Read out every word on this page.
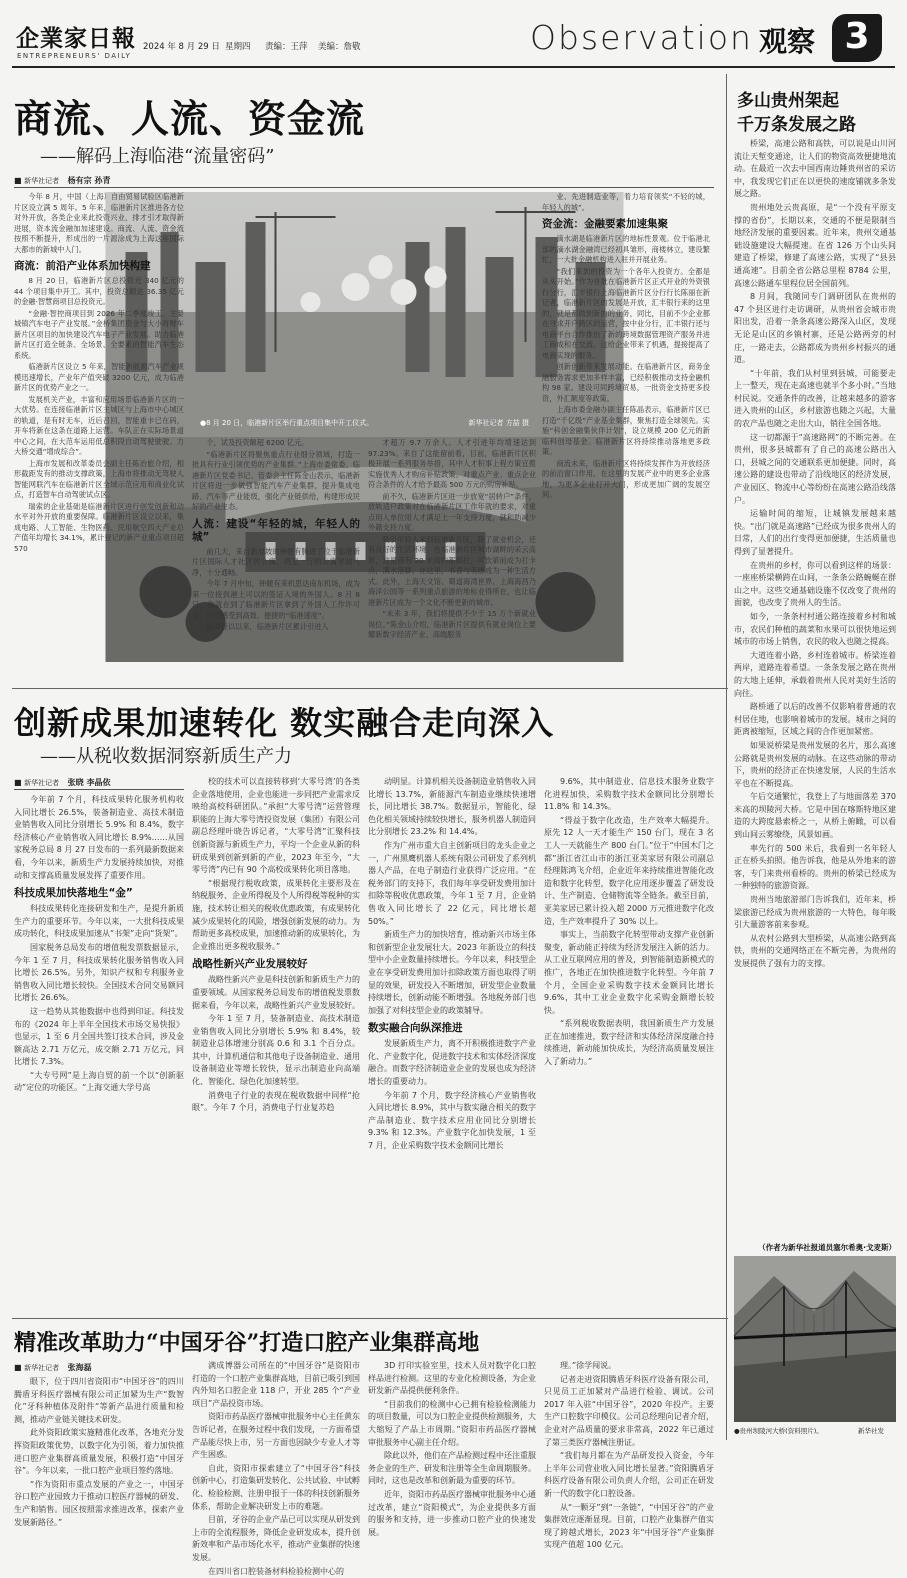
企業家日報
ENTREPRENEURS' DAILY
2024 年 8 月 29 日 星期四 责编：王萍 美编：詹敬	Observation 观察 3
商流、人流、资金流
——解码上海临港“流量密码”
■ 新华社记者 杨有宗 孙青
●8 月 20 日，临港新片区举行重点项目集中开工仪式。	新华社记者 方喆 摄

今年 8 月，中国（上海）自由贸易试验区临港新片区设立满 5 周年。5 年来，临港新片区推进各方位对外开放，各类企业来此投资兴业，排才引才取得新进展，资本流金融加加速建设。商流、人流、资金流按照不断提升，形成出的一片源涂成为上海这座国际大都市的新城中人门。

商流：前沿产业体系加快构建

8 月 20 日，临港新片区总投资近 340 亿元的 44 个项目集中开工。其中，投资总额达 36.35 亿元的金融·智慧商项目总投资元。

“金融·智控商项目到 2026 年二季度竣工，主要城镇汽车电子产业发展。”金桥集团资金与大小将财车新片区项目的加快建设汽车电子产业发展。助力临港新片区打造全链条、全场景、全要素的智能汽车生态系统。

临港新片区设立 5 年来，智能新能源汽车产业规模迅速增长，产业年产值突破 3200 亿元，成为临港新片区的优势产业之一。

发展机关产业，丰富和应用场景临港新片区的一大优势。在连接临港新片区主城区与上海市中心城区的轨道，是有时无车，近后召回，智能重卡已在码，开车将新在这条在道路上运营。车队正在实际场景道中心之间，在大范车运用低总积段自动驾驶驶驶。力大桥交通“增成综合”。

上海市发展和改革委员会副主任陈治旅介绍，相形截距发有的推动支撑政策，上海市将推动无驾驶人智能网联汽车在临港新片区全域示范应用和商业化试点，打造智车自动驾驶试点区。

瑞索的企业基础是临港新片区进行创发创新和动水平对外开放的重要保障。临港新片区设立以来，集成电路、人工智能、生物医药、民用航空四大产业总产值年均增长 34.1%，累计登记的新产业重点项目超 570

业、先进制造业等，着力培育领奖“不轻的城，年轻人的城”。

资金流：金融要素加速集聚

滴水湖是临港新片区的地标性景观。位于临港北部的滴水湖金融湾已经初具雏形，商楼林立，建设繁忙，一大批金融机构进入驻并开展业务。

“我们来到的投资为一个各年入投资方。全都是从头开始。”作为首批在临港新片区正式开业的外资银行分行，汇丰银行上海临港新片区分行行长陈丽在新记者，临港新片区的发展是开放，汇丰银行来的这里的，就是都做到新的的业务，同比，目前不少企业都在寻求开户跨区的运营，按中业分行，汇丰银行还与电商平台合作推出了新的跨境数据管理资产服务并进工商成和在交流，这给企业带来了机遇，提接提高了电商实现的服务。

创新创新带来发展动能。在临港新片区，商务金融服务需求更加多样丰富，已经积极推动支持金融机构 98 家。建设可同跨境贸易，一批资金支持更多投资，外汇额度等政策。

上海市委金融办副主任陈晶表示，临港新片区已打造“千亿级”产业基金集群，聚焦打造全球领先。实施“科创金融集伙伴计划”，设立规模 200 亿元的新临科创母基金。临港新片区将持续推动落地更多政策。

商流未来，临港新片区将持续发挥作为开放经济的前沿窗口作用，在这里的发展产业中的更多企业落地。为更多企业打开大门，形成更加广阔的发展空间。

创新成果加速转化 数实融合走向深入
——从税收数据洞察新质生产力
■ 新华社记者 张晓 李晶依

今年前 7 个月，科技成果转化服务机构收入同比增长 26.5%，装备制造业、高技术制造业销售收入同比分别增长 5.9% 和 8.4%，数字经济核心产业销售收入同比增长 8.9%……从国家税务总局 8 月 27 日发布的一系列最新数据来看，今年以来，新质生产力发展持续加快，对推动和支撑高质量发展发挥了重要作用。

科技成果加快落地生“金”

科技成果转化连接研发和生产，是提升新质生产力的重要环节。今年以来，一大批科技成果成功转化，科技成果加速从“书架”走向“货架”。

国家税务总局发布的增值税发票数据显示，今年 1 至 7 月，科技成果转化服务销售收入同比增长 26.5%。另外，知识产权和专利服务业销售收入同比增长较快。全国技术合同交易额同比增长 26.6%。

这一趋势从其他数据中也得到印证。科技发布的《2024 年上半年全国技术市场交易快报》也显示，1 至 6 月全国共签订技术合同，涉及金额高达 2.71 万亿元，成交额 2.71 万亿元，同比增长 7.3%。

“大专号网”是上海自贸的前一个以“创新驱动”定位的功能区。“上海交通大学号高

校的技术可以直接转移到‘大零号湾’的各类企业落地使用，企业也能进一步同把产业需求反映给高校科研团队。”承担“大零号湾”运营管理职能的上海大零号湾投资发展（集团）有限公司副总经理叶晓告诉记者，“大零号湾”汇聚科技创新资源与新质生产力，平均一个企业从新的科研成果到创新到新的产业，2023 年至今，“大零号湾”内已有 90 个高校成果转化项目落地。

“根据现行税收政策，成果转化主要形及在纳税服务、企业所得税及个人所得税等税种的实施，技术转让相关的税收优惠政策，有成果转化减少成果转化的风险，增强创新发展的动力。为帮助更多高校成果，加速推动新的成果转化，为企业推出更多税收服务。”

战略性新兴产业发展较好

战略性新兴产业是科技创新和新质生产力的重要领域。从国家税务总局发布的增值税发票数据来看，今年以来，战略性新兴产业发展较好。

今年 1 至 7 月，装备制造业、高技术制造业销售收入同比分别增长 5.9% 和 8.4%，较制造业总体增速分别高 0.6 和 3.1 个百分点。其中，计算机通信和其他电子设备制造业、通用设备制造业等增长较快，显示出制造业向高端化、智能化、绿色化加速转型。

消费电子行业的表现在税收数据中同样“抢眼”。今年 7 个月，消费电子行业复苏趋

动明显。计算机相关设备制造业销售收入同比增长 13.7%，新能源汽车制造业继续快速增长，同比增长 38.7%。数据显示，智能化、绿色化相关领域持续较快增长，服务机器人制造同比分别增长 23.2% 和 14.4%。

作为广州市重大自主创新项目的龙头企业之一，广州黑鹰机器人系统有限公司研发了系列机器人产品，在电子制造行业获得广泛应用。“在税务部门的支持下，我们每年享受研发费用加计扣除等税收优惠政策，今年 1 至 7 月，企业销售收入同比增长了 22 亿元，同比增长超 50%。”

新质生产力的加快培育，推动新兴市场主体和创新型企业发展壮大。2023 年新设立的科技型中小企业数量持续增长。今年以来，科技型企业在享受研发费用加计扣除政策方面也取得了明显的效果，研发投入不断增加，研发型企业数量持续增长，创新动能不断增强。各地税务部门也加强了对科技型企业的政策辅导。

数实融合向纵深推进

发展新质生产力，离不开积极推进数字产业化、产业数字化，促进数字技术和实体经济深度融合。而数字经济制造业企业的发展也成为经济增长的重要动力。

今年前 7 个月，数字经济核心产业销售收入同比增长 8.9%，其中与数实融合相关的数字产品制造业、数字技术应用业同比分别增长 9.3% 和 12.3%。产业数字化加快发展，1 至 7 月，企业采购数字技术金额同比增长

9.6%，其中制造业、信息技术服务业数字化进程加快，采购数字技术金额同比分别增长 11.8% 和 14.3%。

“得益于数字化改造，生产效率大幅提升。原先 12 人一天才能生产 150 台门，现在 3 名工人一天就能生产 800 台门。”位于“中国木门之都”浙江省江山市的浙江亚美家居有限公司副总经理陈鸿飞介绍，企业近年来持续推进智能化改造和数字化转型，数字化应用逐步覆盖了研发设计、生产制造、仓储物流等全链条。截至目前，亚美家居已累计投入超 2000 万元推进数字化改造，生产效率提升了 30% 以上。

事实上，当前数字化转型带动支撑产业创新聚变，新动能正持续为经济发展注入新的活力。从工业互联网应用的普及，到智能制造新模式的推广，各地正在加快推进数字化转型。今年前 7 个月，全国企业采购数字技术金额同比增长 9.6%，其中工业企业数字化采购金额增长较快。

“系列税收数据表明，我国新质生产力发展正在加速推进，数字经济和实体经济深度融合持续推进，新动能加快成长，为经济高质量发展注入了新动力。”

精准改革助力“中国牙谷”打造口腔产业集群高地
■ 新华社记者 张海磊

眼下，位于四川省资阳市“中国牙谷”的四川腾盾牙科医疗器械有限公司正加紧为生产“数智化”牙科种植体及附件“等新产品进行质量和检测，推动产业链关键技术研发。

此外资阳政策实施精准化改革，各地充分发挥资阳政策优势，以数字化为引领，着力加快推进口腔产业集群高质量发展，积极打造“中国牙谷”。今年以来，一批口腔产业项目签约落地。

“作为资阳市重点发展的产业之一，中国牙谷口腔产业园致力于推动口腔医疗器械的研发、生产和销售。园区按照需求推进改革，探索产业发展新路径。”

满成博器公司所在的“中国牙谷”是资阳市打造的一个口腔产业集群高地，目前已吸引到国内外知名口腔企业 118 户，开业 285 个“产业项目”产品投资市场。

资阳市药品医疗器械审批服务中心主任黄东告诉记者，在服务过程中我们发现，一方面希望产品能尽快上市，另一方面也因缺少专业人才等产生困惑。

自此，资阳市探索建立了“中国牙谷”科技创新中心，打造集研发转化、公共试验、中试孵化、检验检测、注册申报于一体的科技创新服务体系，帮助企业解决研发上市的难题。

目前，牙谷的企业产品已可以实现从研发到上市的全流程服务，降低企业研发成本，提升创新效率和产品市场化水平，推动产业集群的快速发展。

在四川省口腔装备材料检验检测中心的

3D 打印实验室里，技术人员对数字化口腔样品进行检测。这里的专业化检测设备，为企业研发新产品提供便利条件。

“目前我们的检测中心已拥有检验检测能力的项目数量，可以为口腔企业提供检测服务，大大缩短了产品上市周期。”资阳市药品医疗器械审批服务中心副主任介绍。

除此以外，他们在产品检测过程中还注重服务企业的生产、研发和注册等全生命周期服务。同时，这也是改革和创新最为重要的环节。

近年，资阳市药品医疗器械审批服务中心通过改革，建立“资阳模式”，为企业提供多方面的服务和支持，进一步推动口腔产业的快速发展。

理。”徐学闯说。

记者走进资阳腾盾牙科医疗设备有限公司，只见员工正加紧对产品进行检验、调试。公司 2017 年入驻“中国牙谷”，2020 年投产。主要生产口腔数字印模仪。公司总经理向记者介绍，企业对产品质量的要求非常高，2022 年已通过了第三类医疗器械注册证。

“我们每月都在为产品研发投入资金，今年上半年公司营业收入同比增长显著。”资阳腾盾牙科医疗设备有限公司负责人介绍，公司正在研发新一代的数字化口腔设备。

从“一颗牙”到“一条链”，“中国牙谷”的产业集群效应逐渐显现。目前，口腔产业集群产值实现了跨越式增长，2023 年“中国牙谷”产业集群实现产值超 100 亿元。

多山贵州架起
千万条发展之路

桥梁，高速公路和高铁，可以说是山川河流让天堑变通途，让人们的物资高效便捷地流动。在最近一次去中国西南边陲贵州省的采访中，我发现它们正在以更快的速度铺就多条发展之路。

贵州地处云贵高原，是“一个没有平原支撑的省份”，长期以来，交通的不便是限制当地经济发展的重要因素。近年来，贵州交通基础设施建设大幅提速。在省 126 万个山头间建造了桥梁，修建了高速公路，实现了“县县通高速”。目前全省公路总里程 8784 公里，高速公路通车里程位居全国前列。

8 月间，我随同专门调研团队在贵州的 47 个县区进行走访调研，从贵州省会城市贵阳出发，沿着一条条高速公路深入山区，发现无论是山区的乡镇村寨，还是公路两旁的村庄，一路走去，公路都成为贵州乡村振兴的通道。

“十年前，我们从村里到县城，可能要走上一整天，现在走高速也就半个多小时。”当地村民说。交通条件的改善，让越来越多的游客进入贵州的山区，乡村旅游也随之兴起，大量的农产品也随之走出大山，销往全国各地。

这一切都源于“高速路网”的不断完善。在贵州，很多县城都有了自己的高速公路出入口，县城之间的交通联系更加便捷。同时，高速公路的建设也带动了沿线地区的经济发展，产业园区、物流中心等纷纷在高速公路沿线落户。

运输时间的缩短，让城镇发展越来越快。“出门就是高速路”已经成为很多贵州人的日常，人们的出行变得更加便捷，生活质量也得到了显著提升。

在贵州的乡村，你可以看到这样的场景：一座座桥梁横跨在山间，一条条公路蜿蜒在群山之中。这些交通基础设施不仅改变了贵州的面貌，也改变了贵州人的生活。

如今，一条条村村通公路连接着乡村和城市，农民们种植的蔬菜和水果可以很快地运到城市的市场上销售，农民的收入也随之提高。

大道连着小路，乡村连着城市。桥梁连着两岸，道路连着希望。一条条发展之路在贵州的大地上延伸，承载着贵州人民对美好生活的向往。

路桥通了以后的改善不仅影响着普通的农村居住地，也影响着城市的发展。城市之间的距离被缩短，区域之间的合作更加紧密。

如果说桥梁是贵州发展的名片，那么高速公路就是贵州发展的动脉。在这些动脉的带动下，贵州的经济正在快速发展，人民的生活水平也在不断提高。

午后交通繁忙，我登上了与地面落差 370 米高的坝陵河大桥。它是中国在喀斯特地区建造的大跨度悬索桥之一，从桥上俯瞰，可以看到山间云雾缭绕，风景如画。

率先行的 500 米后，我看到一名年轻人正在桥头拍照。他告诉我，他是从外地来的游客，专门来贵州看桥的。贵州的桥梁已经成为一种独特的旅游资源。

贵州当地旅游部门告诉我们，近年来，桥梁旅游已经成为贵州旅游的一大特色，每年吸引大量游客前来参观。

从农村公路到大型桥梁，从高速公路到高铁，贵州的交通网络正在不断完善，为贵州的发展提供了强有力的支撑。

（作者为新华社报道员塞尔希奥·戈麦斯）
●贵州坝陵河大桥(资料照片)。	新华社发

个，试及投资额超 6200 亿元。

“临港新片区将聚焦重点行业细分领域，打造一批具有行业引领优势的产业集群。”上海市委常委、临港新片区党委书记、管委会主任陈金山表示，临港新片区将进一步做强智能汽车产业集群，提升集成电路、汽车等产业能级，强化产业链供给，构建形成民好的产业生态。

人流：建设“年轻的城，年轻人的城”

前几天，来自新加坡的钟健有腾进了位于临港新片区国际人才社区的公寓，两室一厅的公寓宽阔八净，十分通畅。

今年 7 月中旬，钟健有来机思达南东机场，成为第一位接到港上可以的签证入境的外国人。8 月 8 日，他就在到了临港新片区拿到了外国人工作许可证，以可感受到高效、便捷的“临港速度”。

据调查以以来，临港新片区累计引进人

才超万 9.7 万余人。人才引进年均增速达到 97.23%。来自了这能留前看，目前，临港新片区积极开展一系列服务举措，其中人才积事上程方策宜揽实施优秀人才购房补贴政策。对重点产业、重点企业符合条件的人才给予最高 500 万元的购房补贴。

前不久，临港新片区进一步放宽“居转户”条件，放轨适户政策对在临港新片区工作年就的要求，对重点用人单位用人才满足上一年支持力度，就和助减少外籍支持力度。

吸引年轻人来到临港新片区，除了就业机会，还有良好的生活环境。在临港新片区城市湖畔的采云高原，这是商有 20 米高的都都拉，可饮第前成为打卡点，满水落脚。在这里，书香与美感成为一种生活方式。此外，上海天文馆、蜀道海湾世界、上海海昌乃海洋公园等一系列重点旅游的地标业得所在，也让临港新片区成为一个文化不断更新的城市。

“未来 3 年，我们将提供不少于 15 万个新就业岗位。”陈金山介绍，临港新片区提供有就业岗位上要耀新数字经济产业、高端服务
